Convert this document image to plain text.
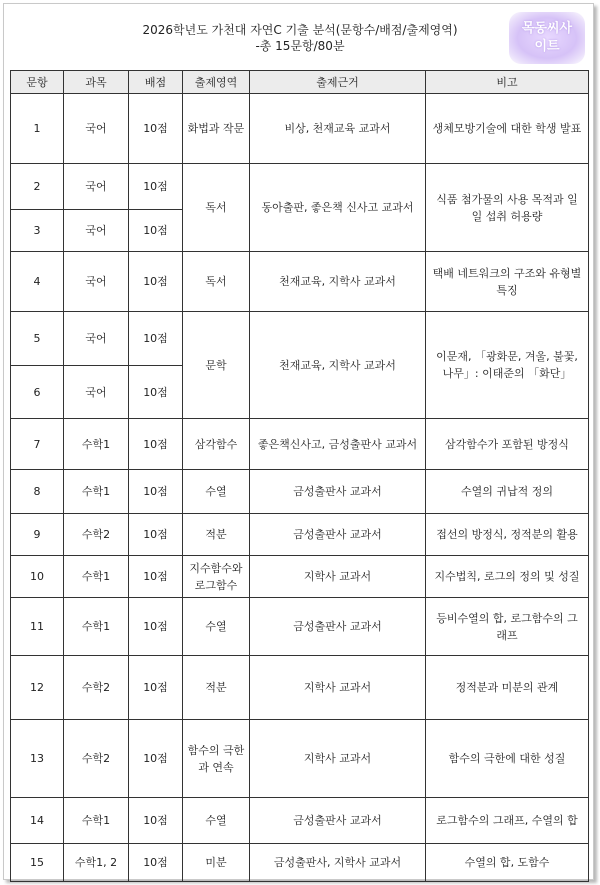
2026학년도 가천대 자연C 기출 분석(문항수/배점/출제영역)
-총 15문항/80분
목동씨사
이트
문항	과목	배점	출제영역	출제근거	비고
1	국어	10점	화법과 작문	비상, 천재교육 교과서	생체모방기술에 대한 학생 발표
2	국어	10점	독서	동아출판, 좋은책 신사고 교과서	식품 첨가물의 사용 목적과 일일 섭취 허용량
3	국어	10점			
4	국어	10점	독서	천재교육, 지학사 교과서	택배 네트워크의 구조와 유형별 특징
5	국어	10점	문학	천재교육, 지학사 교과서	이문재, 「광화문, 겨울, 불꽃, 나무」: 이태준의 「화단」
6	국어	10점			
7	수학1	10점	삼각함수	좋은책신사고, 금성출판사 교과서	삼각함수가 포함된 방정식
8	수학1	10점	수열	금성출판사 교과서	수열의 귀납적 정의
9	수학2	10점	적분	금성출판사 교과서	접선의 방정식, 정적분의 활용
10	수학1	10점	지수함수와 로그함수	지학사 교과서	지수법칙, 로그의 정의 및 성질
11	수학1	10점	수열	금성출판사 교과서	등비수열의 합, 로그함수의 그래프
12	수학2	10점	적분	지학사 교과서	정적분과 미분의 관계
13	수학2	10점	함수의 극한과 연속	지학사 교과서	함수의 극한에 대한 성질
14	수학1	10점	수열	금성출판사 교과서	로그함수의 그래프, 수열의 합
15	수학1, 2	10점	미분	금성출판사, 지학사 교과서	수열의 합, 도함수
